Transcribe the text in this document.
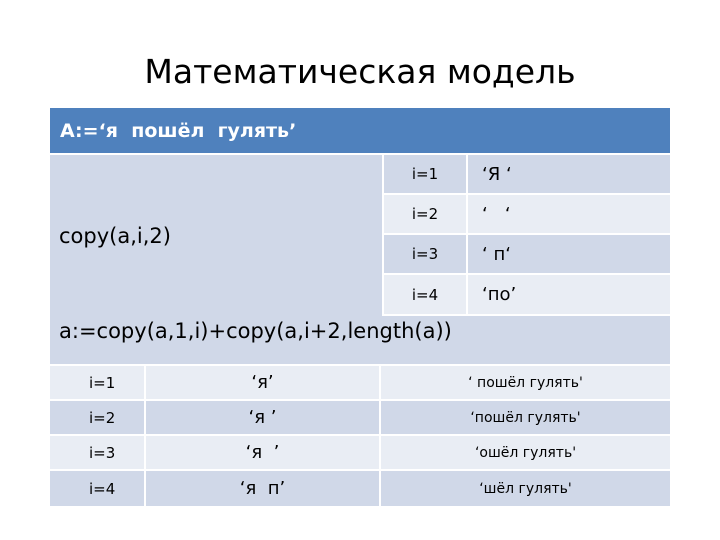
Математическая модель
A:=‘я  пошёл  гулять’
copy(a,i,2)
i=1	‘Я ‘
i=2	‘   ‘
i=3	‘ п‘
i=4	‘по’
a:=copy(a,1,i)+copy(a,i+2,length(a))
i=1	‘я’	‘ пошёл гулять'
i=2	‘я ’	‘пошёл гулять'
i=3	‘я  ’	‘ошёл гулять'
i=4	‘я  п’	‘шёл гулять'
